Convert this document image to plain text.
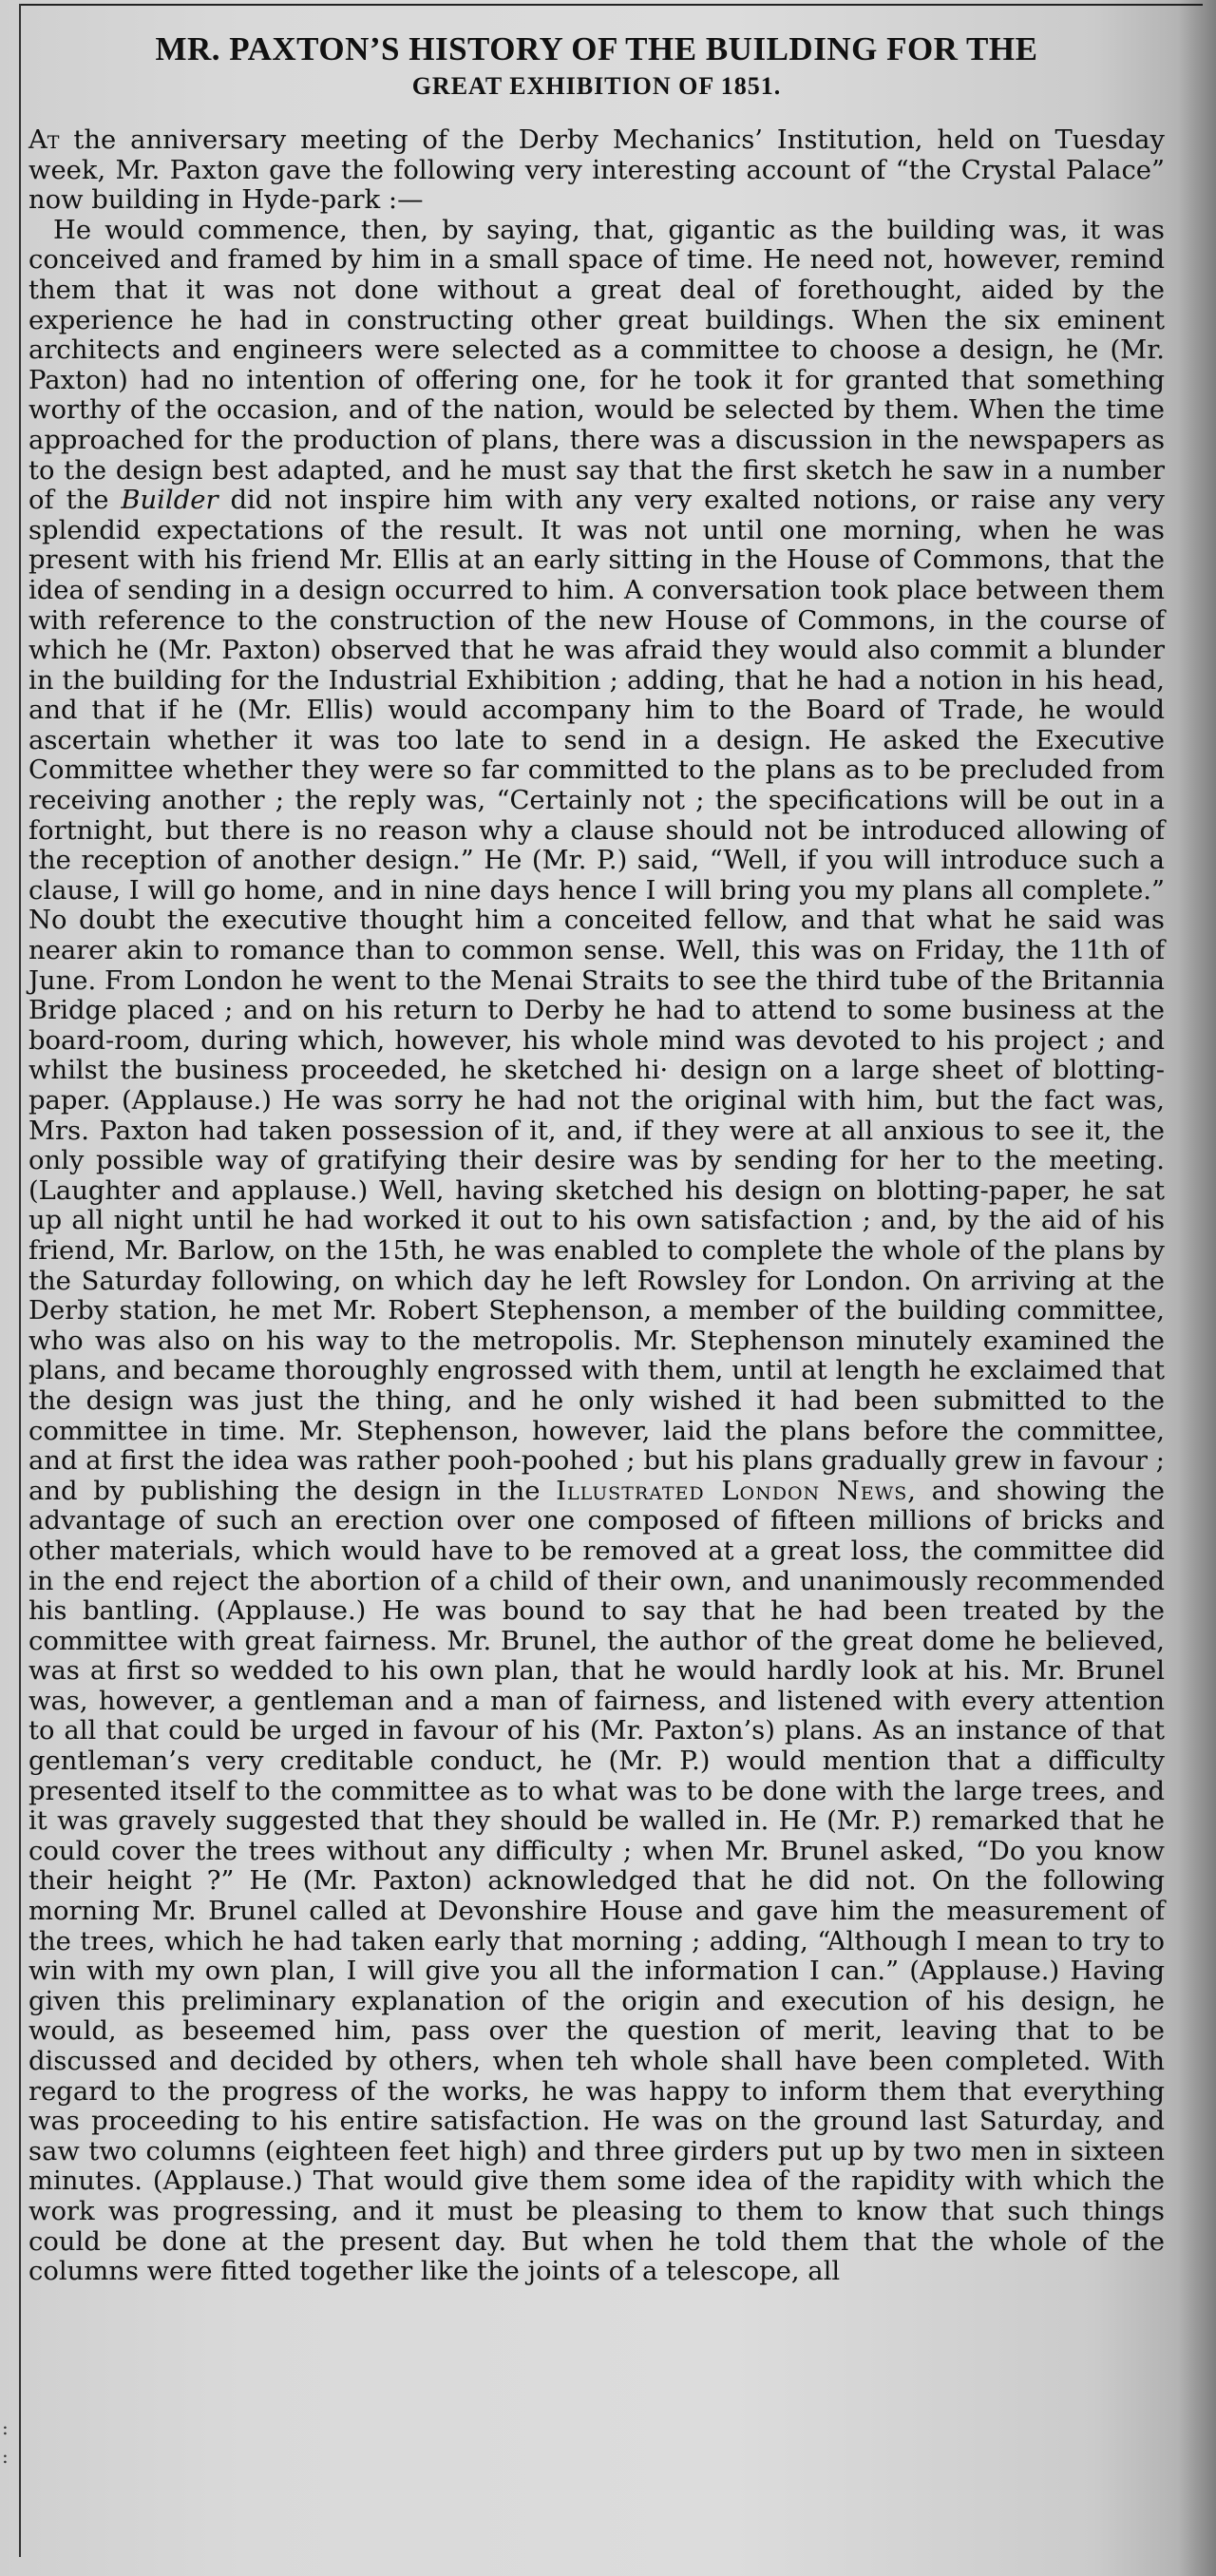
MR. PAXTON’S HISTORY OF THE BUILDING FOR THE
GREAT EXHIBITION OF 1851.

At the anniversary meeting of the Derby Mechanics’ Institution, held on Tuesday week, Mr. Paxton gave the following very interesting account of “the Crystal Palace” now building in Hyde-park :—

He would commence, then, by saying, that, gigantic as the building was, it was conceived and framed by him in a small space of time. He need not, however, remind them that it was not done without a great deal of forethought, aided by the experience he had in constructing other great buildings. When the six eminent architects and engineers were selected as a committee to choose a design, he (Mr. Paxton) had no intention of offering one, for he took it for granted that something worthy of the occasion, and of the nation, would be selected by them. When the time approached for the production of plans, there was a discussion in the newspapers as to the design best adapted, and he must say that the first sketch he saw in a number of the Builder did not inspire him with any very exalted notions, or raise any very splendid expectations of the result. It was not until one morning, when he was present with his friend Mr. Ellis at an early sitting in the House of Commons, that the idea of sending in a design occurred to him. A conversation took place between them with reference to the construction of the new House of Commons, in the course of which he (Mr. Paxton) observed that he was afraid they would also commit a blunder in the building for the Industrial Exhibition ; adding, that he had a notion in his head, and that if he (Mr. Ellis) would accompany him to the Board of Trade, he would ascertain whether it was too late to send in a design. He asked the Executive Committee whether they were so far committed to the plans as to be precluded from receiving another ; the reply was, “Certainly not ; the specifications will be out in a fortnight, but there is no reason why a clause should not be introduced allowing of the reception of another design.” He (Mr. P.) said, “Well, if you will introduce such a clause, I will go home, and in nine days hence I will bring you my plans all complete.” No doubt the executive thought him a conceited fellow, and that what he said was nearer akin to romance than to common sense. Well, this was on Friday, the 11th of June. From London he went to the Menai Straits to see the third tube of the Britannia Bridge placed ; and on his return to Derby he had to attend to some business at the board-room, during which, however, his whole mind was devoted to his project ; and whilst the business proceeded, he sketched hi· design on a large sheet of blotting-paper. (Applause.) He was sorry he had not the original with him, but the fact was, Mrs. Paxton had taken possession of it, and, if they were at all anxious to see it, the only possible way of gratifying their desire was by sending for her to the meeting. (Laughter and applause.) Well, having sketched his design on blotting-paper, he sat up all night until he had worked it out to his own satisfaction ; and, by the aid of his friend, Mr. Barlow, on the 15th, he was enabled to complete the whole of the plans by the Saturday following, on which day he left Rowsley for London. On arriving at the Derby station, he met Mr. Robert Stephenson, a member of the building committee, who was also on his way to the metropolis. Mr. Stephenson minutely examined the plans, and became thoroughly engrossed with them, until at length he exclaimed that the design was just the thing, and he only wished it had been submitted to the committee in time. Mr. Stephenson, however, laid the plans before the committee, and at first the idea was rather pooh-poohed ; but his plans gradually grew in favour ; and by publishing the design in the Illustrated London News, and showing the advantage of such an erection over one composed of fifteen millions of bricks and other materials, which would have to be removed at a great loss, the committee did in the end reject the abortion of a child of their own, and unanimously recommended his bantling. (Applause.) He was bound to say that he had been treated by the committee with great fairness. Mr. Brunel, the author of the great dome he believed, was at first so wedded to his own plan, that he would hardly look at his. Mr. Brunel was, however, a gentleman and a man of fairness, and listened with every attention to all that could be urged in favour of his (Mr. Paxton’s) plans. As an instance of that gentleman’s very creditable conduct, he (Mr. P.) would mention that a difficulty presented itself to the committee as to what was to be done with the large trees, and it was gravely suggested that they should be walled in. He (Mr. P.) remarked that he could cover the trees without any difficulty ; when Mr. Brunel asked, “Do you know their height ?” He (Mr. Paxton) acknowledged that he did not. On the following morning Mr. Brunel called at Devonshire House and gave him the measurement of the trees, which he had taken early that morning ; adding, “Although I mean to try to win with my own plan, I will give you all the information I can.” (Applause.) Having given this preliminary explanation of the origin and execution of his design, he would, as beseemed him, pass over the question of merit, leaving that to be discussed and decided by others, when teh whole shall have been completed. With regard to the progress of the works, he was happy to inform them that everything was proceeding to his entire satisfaction. He was on the ground last Saturday, and saw two columns (eighteen feet high) and three girders put up by two men in sixteen minutes. (Applause.) That would give them some idea of the rapidity with which the work was progressing, and it must be pleasing to them to know that such things could be done at the present day. But when he told them that the whole of the columns were fitted together like the joints of a telescope, all

:
:
